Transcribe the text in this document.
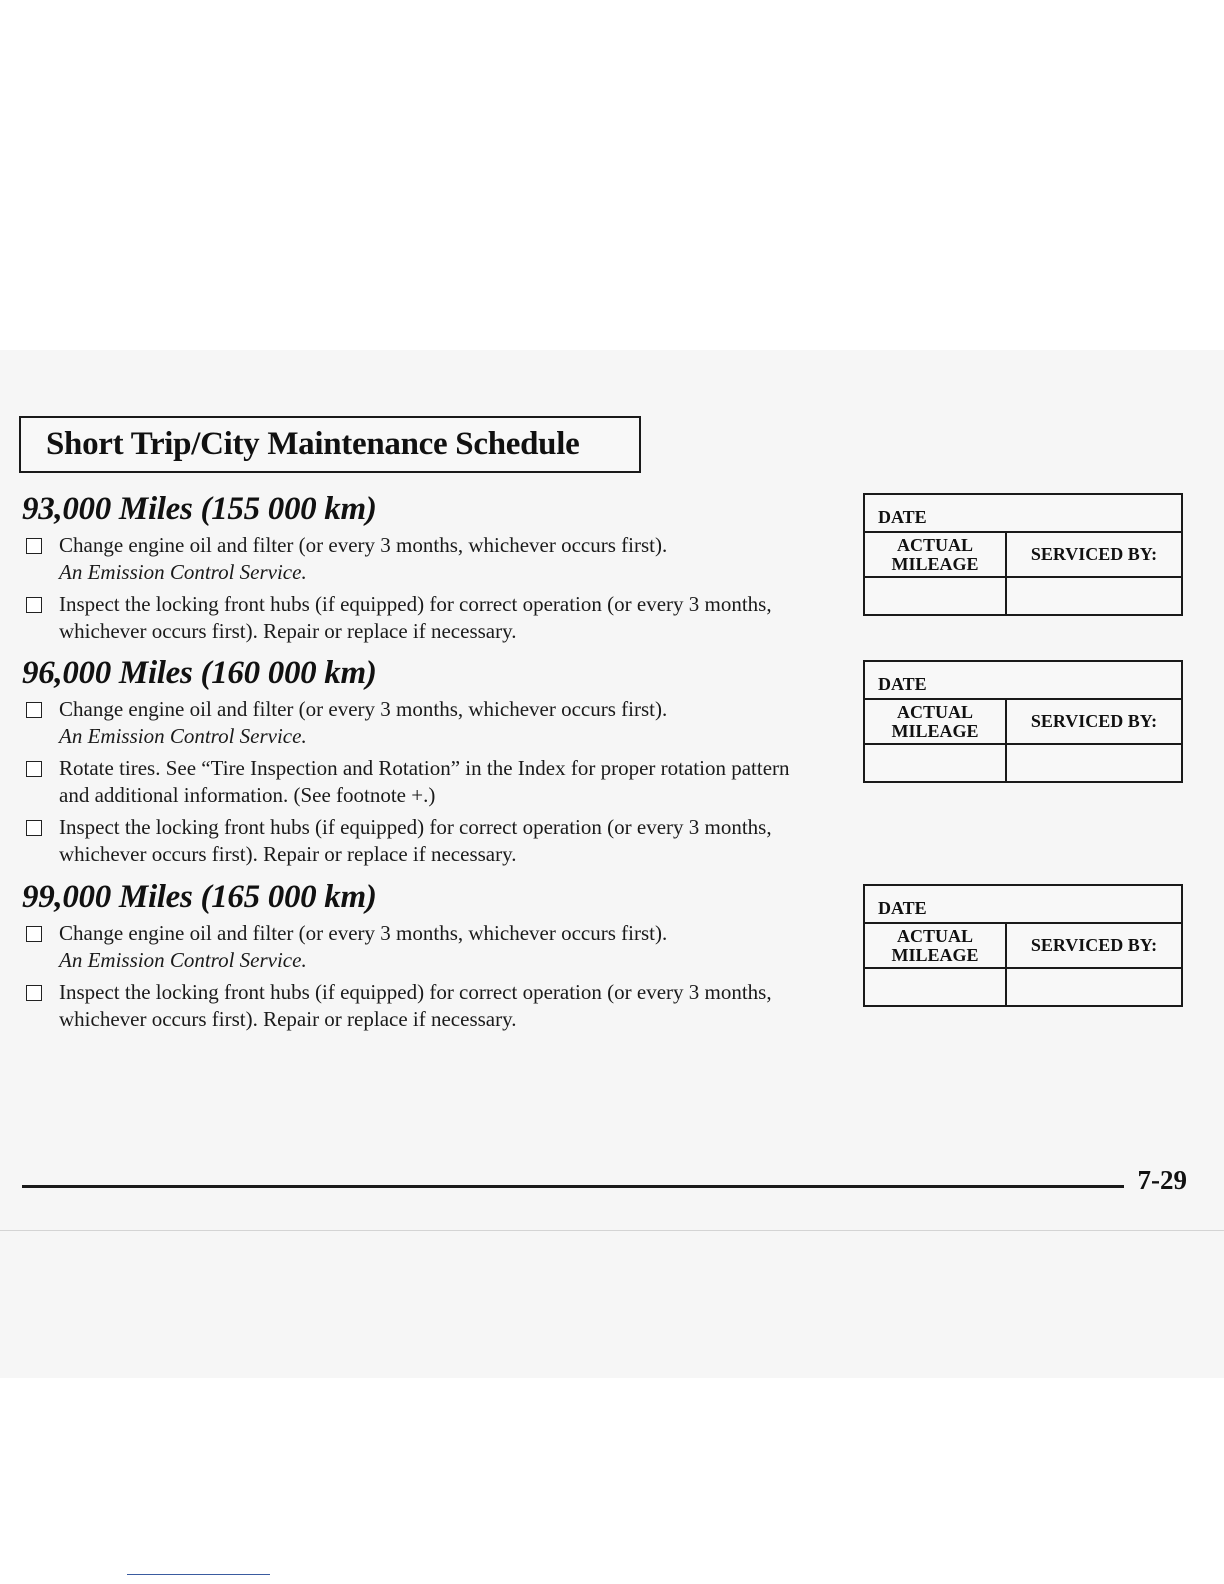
Short Trip/City Maintenance Schedule
93,000 Miles (155 000 km)
Change engine oil and filter (or every 3 months, whichever occurs first).
An Emission Control Service.
Inspect the locking front hubs (if equipped) for correct operation (or every 3 months, whichever occurs first). Repair or replace if necessary.
96,000 Miles (160 000 km)
Change engine oil and filter (or every 3 months, whichever occurs first).
An Emission Control Service.
Rotate tires. See “Tire Inspection and Rotation” in the Index for proper rotation pattern and additional information. (See footnote +.)
Inspect the locking front hubs (if equipped) for correct operation (or every 3 months, whichever occurs first). Repair or replace if necessary.
99,000 Miles (165 000 km)
Change engine oil and filter (or every 3 months, whichever occurs first).
An Emission Control Service.
Inspect the locking front hubs (if equipped) for correct operation (or every 3 months, whichever occurs first). Repair or replace if necessary.
DATE
ACTUAL MILEAGE	SERVICED BY:
DATE
ACTUAL MILEAGE	SERVICED BY:
DATE
ACTUAL MILEAGE	SERVICED BY:
7-29
